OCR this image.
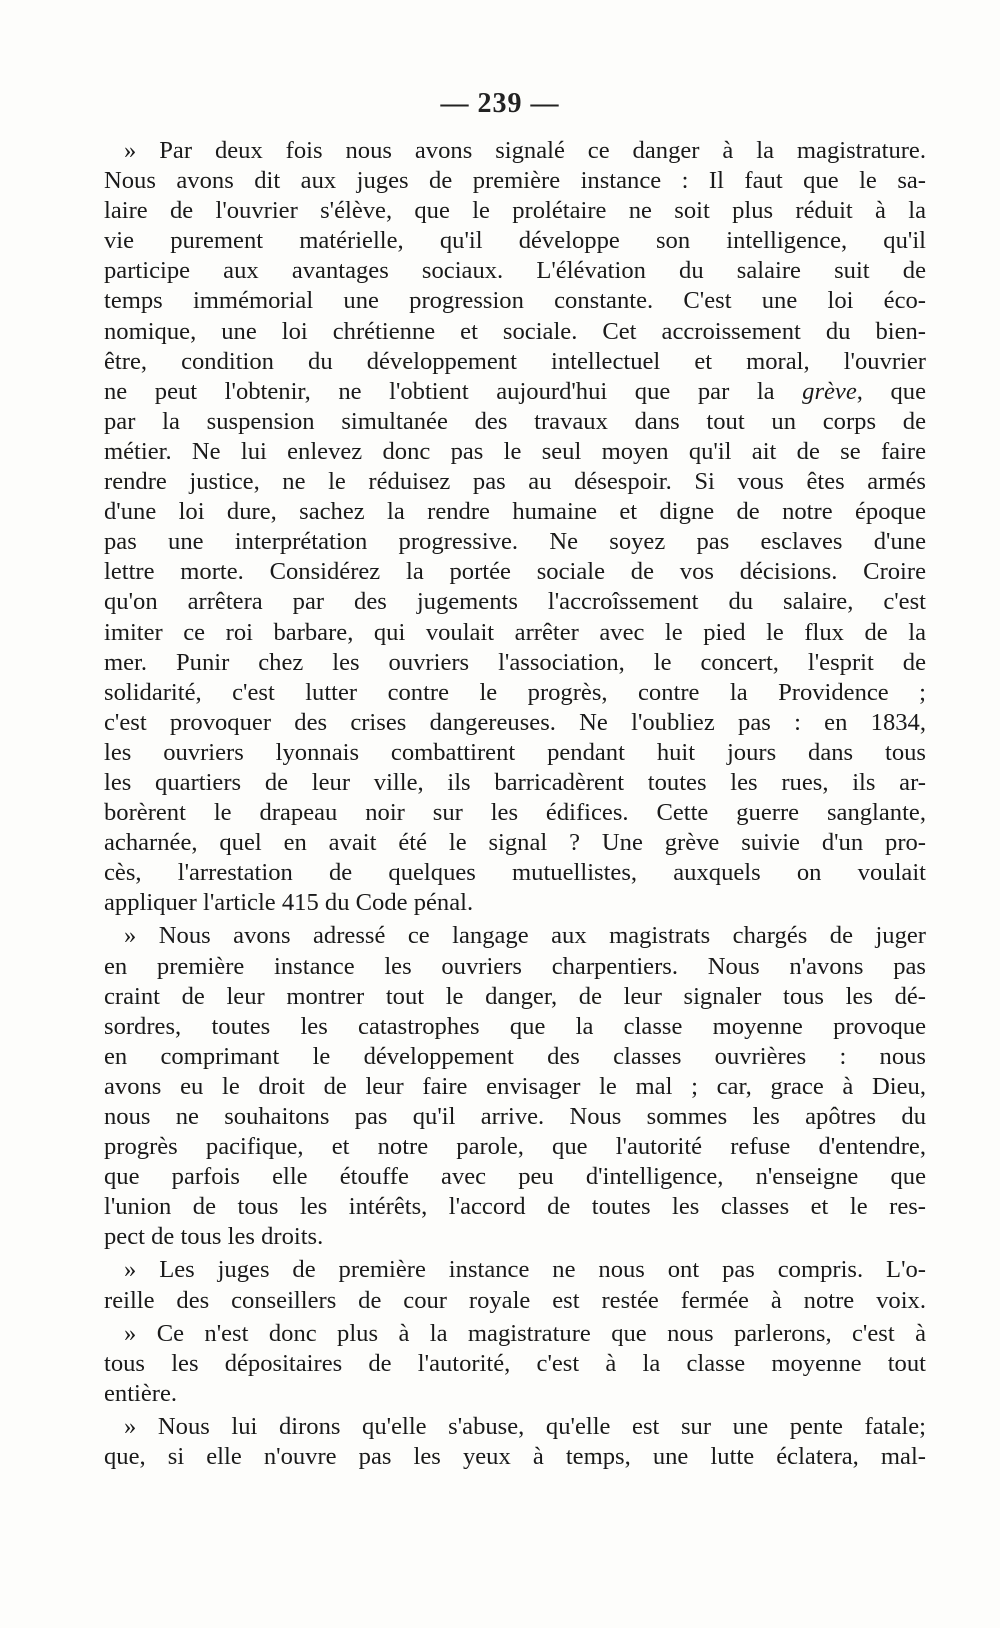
— 239 —
» Par deux fois nous avons signalé ce danger à la magistrature.
Nous avons dit aux juges de première instance : Il faut que le sa-
laire de l'ouvrier s'élève, que le prolétaire ne soit plus réduit à la
vie purement matérielle, qu'il développe son intelligence, qu'il
participe aux avantages sociaux. L'élévation du salaire suit de
temps immémorial une progression constante. C'est une loi éco-
nomique, une loi chrétienne et sociale. Cet accroissement du bien-
être, condition du développement intellectuel et moral, l'ouvrier
ne peut l'obtenir, ne l'obtient aujourd'hui que par la grève, que
par la suspension simultanée des travaux dans tout un corps de
métier. Ne lui enlevez donc pas le seul moyen qu'il ait de se faire
rendre justice, ne le réduisez pas au désespoir. Si vous êtes armés
d'une loi dure, sachez la rendre humaine et digne de notre époque
pas une interprétation progressive. Ne soyez pas esclaves d'une
lettre morte. Considérez la portée sociale de vos décisions. Croire
qu'on arrêtera par des jugements l'accroîssement du salaire, c'est
imiter ce roi barbare, qui voulait arrêter avec le pied le flux de la
mer. Punir chez les ouvriers l'association, le concert, l'esprit de
solidarité, c'est lutter contre le progrès, contre la Providence ;
c'est provoquer des crises dangereuses. Ne l'oubliez pas : en 1834,
les ouvriers lyonnais combattirent pendant huit jours dans tous
les quartiers de leur ville, ils barricadèrent toutes les rues, ils ar-
borèrent le drapeau noir sur les édifices. Cette guerre sanglante,
acharnée, quel en avait été le signal ? Une grève suivie d'un pro-
cès, l'arrestation de quelques mutuellistes, auxquels on voulait
appliquer l'article 415 du Code pénal.
» Nous avons adressé ce langage aux magistrats chargés de juger
en première instance les ouvriers charpentiers. Nous n'avons pas
craint de leur montrer tout le danger, de leur signaler tous les dé-
sordres, toutes les catastrophes que la classe moyenne provoque
en comprimant le développement des classes ouvrières : nous
avons eu le droit de leur faire envisager le mal ; car, grace à Dieu,
nous ne souhaitons pas qu'il arrive. Nous sommes les apôtres du
progrès pacifique, et notre parole, que l'autorité refuse d'entendre,
que parfois elle étouffe avec peu d'intelligence, n'enseigne que
l'union de tous les intérêts, l'accord de toutes les classes et le res-
pect de tous les droits.
» Les juges de première instance ne nous ont pas compris. L'o-
reille des conseillers de cour royale est restée fermée à notre voix.
» Ce n'est donc plus à la magistrature que nous parlerons, c'est à
tous les dépositaires de l'autorité, c'est à la classe moyenne tout
entière.
» Nous lui dirons qu'elle s'abuse, qu'elle est sur une pente fatale;
que, si elle n'ouvre pas les yeux à temps, une lutte éclatera, mal-
